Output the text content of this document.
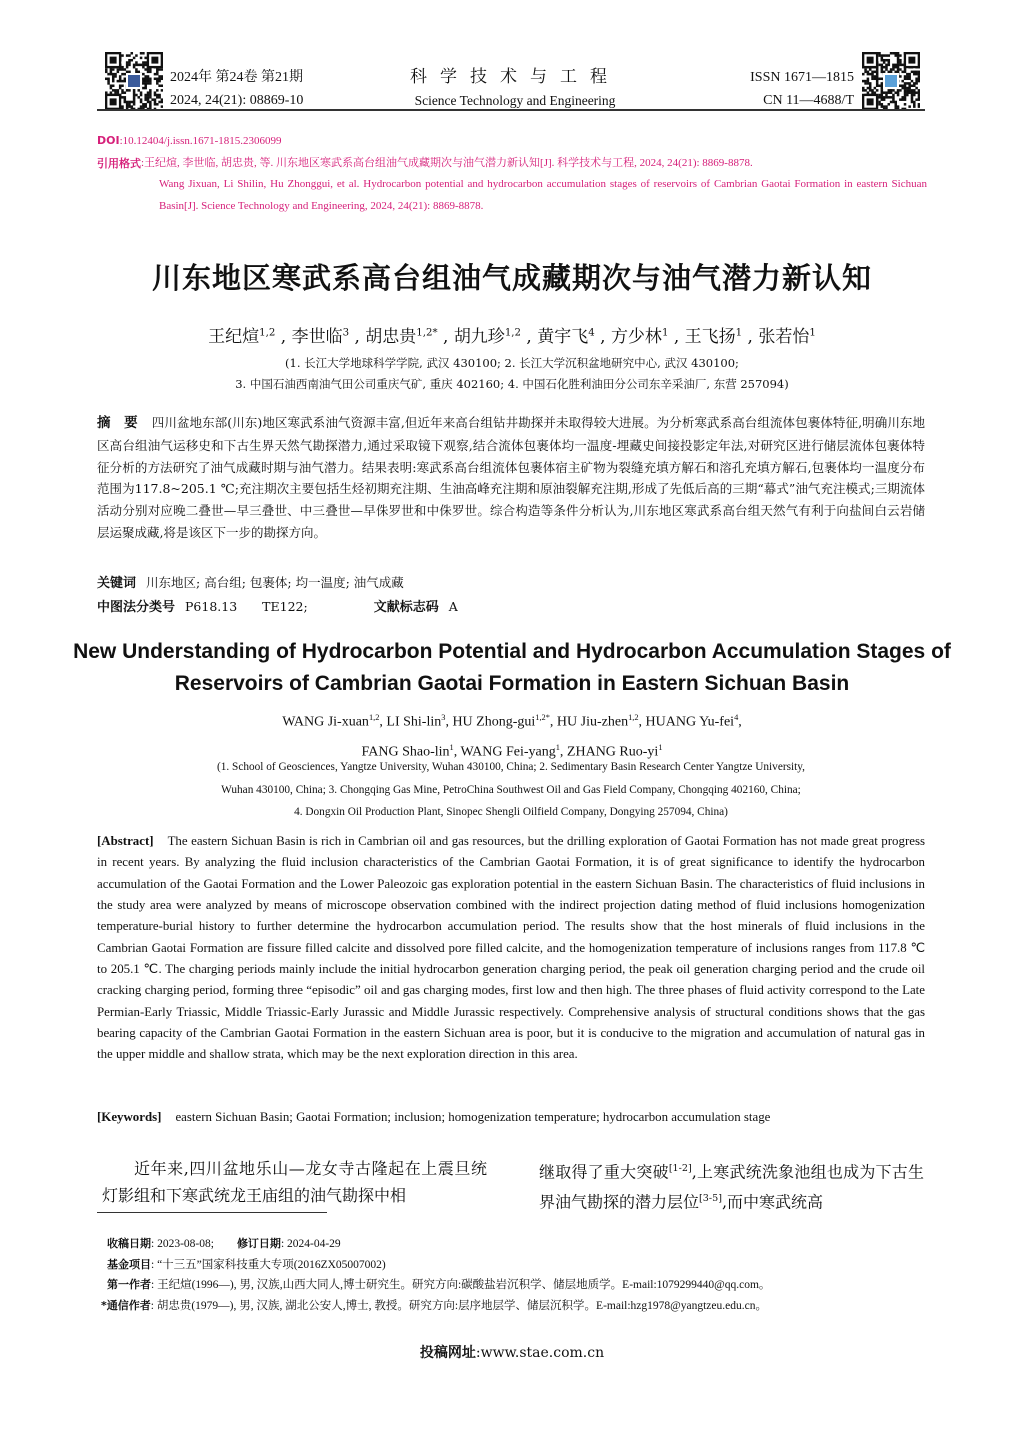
2024年 第24卷 第21期
2024, 24(21): 08869-10
科学技术与工程
Science Technology and Engineering
ISSN 1671—1815
CN 11—4688/T
DOI:10.12404/j.issn.1671-1815.2306099
引用格式 :王纪煊, 李世临, 胡忠贵, 等. 川东地区寒武系高台组油气成藏期次与油气潜力新认知[J]. 科学技术与工程, 2024, 24(21): 8869-8878.
Wang Jixuan, Li Shilin, Hu Zhonggui, et al. Hydrocarbon potential and hydrocarbon accumulation stages of reservoirs of Cambrian Gaotai Formation in eastern Sichuan Basin[J]. Science Technology and Engineering, 2024, 24(21): 8869-8878.
川东地区寒武系高台组油气成藏期次与油气潜力新认知
王纪煊$^{1,2}$ , 李世临$^3$ , 胡忠贵$^{1,2*}$ , 胡九珍$^{1,2}$ , 黄宇飞$^4$ , 方少林$^1$ , 王飞扬$^1$ , 张若怡$^1$
(1. 长江大学地球科学学院, 武汉 430100; 2. 长江大学沉积盆地研究中心, 武汉 430100;
3. 中国石油西南油气田公司重庆气矿, 重庆 402160; 4. 中国石化胜利油田分公司东辛采油厂, 东营 257094)
摘　要 四川盆地东部(川东)地区寒武系油气资源丰富,但近年来高台组钻井勘探并未取得较大进展。为分析寒武系高台组流体包裹体特征,明确川东地区高台组油气运移史和下古生界天然气勘探潜力,通过采取镜下观察,结合流体包裹体均一温度-埋藏史间接投影定年法,对研究区进行储层流体包裹体特征分析的方法研究了油气成藏时期与油气潜力。结果表明:寒武系高台组流体包裹体宿主矿物为裂缝充填方解石和溶孔充填方解石,包裹体均一温度分布范围为117.8~205.1 ℃;充注期次主要包括生烃初期充注期、生油高峰充注期和原油裂解充注期,形成了先低后高的三期“幕式”油气充注模式;三期流体活动分别对应晚二叠世—早三叠世、中三叠世—早侏罗世和中侏罗世。综合构造等条件分析认为,川东地区寒武系高台组天然气有利于向盐间白云岩储层运聚成藏,将是该区下一步的勘探方向。
关键词 川东地区; 高台组; 包裹体; 均一温度; 油气成藏
中图法分类号 P618.13　　TE122;	文献标志码 A
New Understanding of Hydrocarbon Potential and Hydrocarbon Accumulation Stages of Reservoirs of Cambrian Gaotai Formation in Eastern Sichuan Basin
WANG Ji-xuan$^{1,2}$, LI Shi-lin$^3$, HU Zhong-gui$^{1,2*}$, HU Jiu-zhen$^{1,2}$, HUANG Yu-fei$^4$,
FANG Shao-lin$^1$, WANG Fei-yang$^1$, ZHANG Ruo-$yi^1$
(1. School of Geosciences, Yangtze University, Wuhan 430100, China; 2. Sedimentary Basin Research Center Yangtze University,
Wuhan 430100, China; 3. Chongqing Gas Mine, PetroChina Southwest Oil and Gas Field Company, Chongqing 402160, China;
4. Dongxin Oil Production Plant, Sinopec Shengli Oilfield Company, Dongying 257094, China)
[Abstract] The eastern Sichuan Basin is rich in Cambrian oil and gas resources, but the drilling exploration of Gaotai Formation has not made great progress in recent years. By analyzing the fluid inclusion characteristics of the Cambrian Gaotai Formation, it is of great significance to identify the hydrocarbon accumulation of the Gaotai Formation and the Lower Paleozoic gas exploration potential in the eastern Sichuan Basin. The characteristics of fluid inclusions in the study area were analyzed by means of microscope observation combined with the indirect projection dating method of fluid inclusions homogenization temperature-burial history to further determine the hydrocarbon accumulation period. The results show that the host minerals of fluid inclusions in the Cambrian Gaotai Formation are fissure filled calcite and dissolved pore filled calcite, and the homogenization temperature of inclusions ranges from 117.8 ℃ to 205.1 ℃. The charging periods mainly include the initial hydrocarbon generation charging period, the peak oil generation charging period and the crude oil cracking charging period, forming three “episodic” oil and gas charging modes, first low and then high. The three phases of fluid activity correspond to the Late Permian-Early Triassic, Middle Triassic-Early Jurassic and Middle Jurassic respectively. Comprehensive analysis of structural conditions shows that the gas bearing capacity of the Cambrian Gaotai Formation in the eastern Sichuan area is poor, but it is conducive to the migration and accumulation of natural gas in the upper middle and shallow strata, which may be the next exploration direction in this area.
[Keywords] eastern Sichuan Basin; Gaotai Formation; inclusion; homogenization temperature; hydrocarbon accumulation stage
近年来,四川盆地乐山—龙女寺古隆起在上震旦统灯影组和下寒武统龙王庙组的油气勘探中相
继取得了重大突破[1-2],上寒武统洗象池组也成为下古生界油气勘探的潜力层位[3-5],而中寒武统高
收稿日期: 2023-08-08;　　修订日期: 2024-04-29
基金项目: “十三五”国家科技重大专项(2016ZX05007002)
第一作者: 王纪煊(1996—), 男, 汉族,山西大同人,博士研究生。研究方向:碳酸盐岩沉积学、储层地质学。E-mail:1079299440@qq.com。
*通信作者: 胡忠贵(1979—), 男, 汉族, 湖北公安人,博士, 教授。研究方向:层序地层学、储层沉积学。E-mail:hzg1978@yangtzeu.edu.cn。
投稿网址:www.stae.com.cn
